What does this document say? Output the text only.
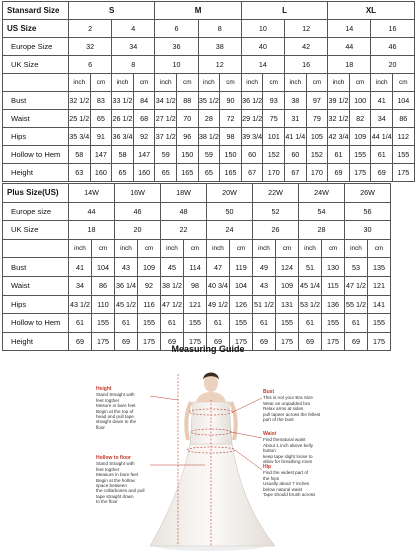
Stansard Size	S				M				L				XL			
US Size	2		4		6		8		10		12		14		16	
Europe Size	32		34		36		38		40		42		44		46	
UK Size	6		8		10		12		14		16		18		20	
	inch	cm	inch	cm	inch	cm	inch	cm	inch	cm	inch	cm	inch	cm	inch	cm
Bust	32 1/2	83	33 1/2	84	34 1/2	88	35 1/2	90	36 1/2	93	38	97	39 1/2	100	41	104
Waist	25 1/2	65	26 1/2	68	27 1/2	70	28	72	29 1/2	75	31	79	32 1/2	82	34	86
Hips	35 3/4	91	36 3/4	92	37 1/2	96	38 1/2	98	39 3/4	101	41 1/4	105	42 3/4	109	44 1/4	112
Hollow to Hem	58	147	58	147	59	150	59	150	60	152	60	152	61	155	61	155
Height	63	160	65	160	65	165	65	165	67	170	67	170	69	175	69	175
Plus Size(US)	14W		16W		18W		20W		22W		24W		26W	
Europe size	44		46		48		50		52		54		56	
UK Size	18		20		22		24		26		28		30	
	inch	cm	inch	cm	inch	cm	inch	cm	inch	cm	inch	cm	inch	cm
Bust	41	104	43	109	45	114	47	119	49	124	51	130	53	135
Waist	34	86	36 1/4	92	38 1/2	98	40 3/4	104	43	109	45 1/4	115	47 1/2	121
Hips	43 1/2	110	45 1/2	116	47 1/2	121	49 1/2	126	51 1/2	131	53 1/2	136	55 1/2	141
Hollow to Hem	61	155	61	155	61	155	61	155	61	155	61	155	61	155
Height	69	175	69	175	69	175	69	175	69	175	69	175	69	175
Measuring Guide
Height
Stand Straight with
feet togther
Mesure in bare feet
Begin at the top of
head and pull tape
straight down to the
floor
Hollow to floor
Stand Straight with
feet togther
Measure in bare feet
Begin at the hollow
space between
the collarbones and pull
tape straight down
to the floor
Bust
This is not your Bra Size
Wear an unpadded bra
Relax arms at sides
pull tapeer across the fellest
part of the bust
Waist
Find thenatural waist
About 1 inch above belly
button
keep tape slight loose to
allow for breathing room
Hip
Find the widest part of
the hips
Usually about 7 inches
below natural waist
Tape should brush across
